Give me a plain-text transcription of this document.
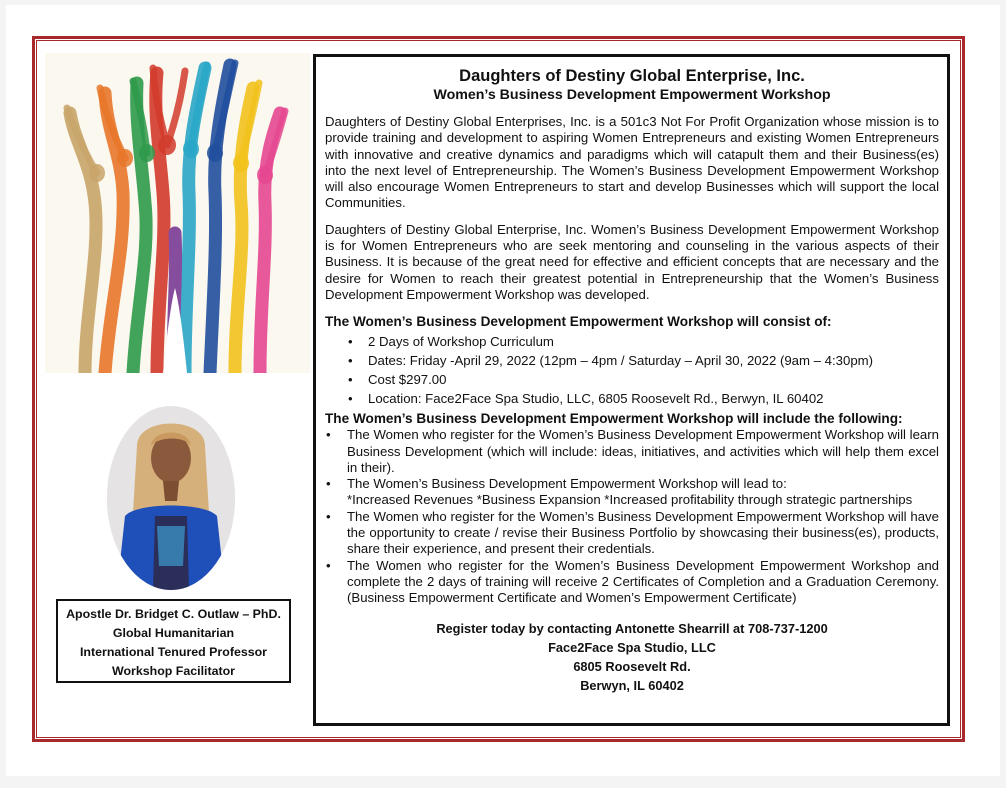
Apostle Dr. Bridget C. Outlaw – PhD.
Global Humanitarian
International Tenured Professor
Workshop Facilitator
Daughters of Destiny Global Enterprise, Inc.
Women’s Business Development Empowerment Workshop

Daughters of Destiny Global Enterprises, Inc. is a 501c3 Not For Profit Organization whose mission is to provide training and development to aspiring Women Entrepreneurs and existing Women Entrepreneurs with innovative and creative dynamics and paradigms which will catapult them and their Business(es) into the next level of Entrepreneurship. The Women’s Business Development Empowerment Workshop will also encourage Women Entrepreneurs to start and develop Businesses which will support the local Communities.

Daughters of Destiny Global Enterprise, Inc. Women’s Business Development Empowerment Workshop is for Women Entrepreneurs who are seek mentoring and counseling in the various aspects of their Business. It is because of the great need for effective and efficient concepts that are necessary and the desire for Women to reach their greatest potential in Entrepreneurship that the Women’s Business Development Empowerment Workshop was developed.

The Women’s Business Development Empowerment Workshop will consist of:

• 2 Days of Workshop Curriculum
• Dates: Friday -April 29, 2022 (12pm – 4pm / Saturday – April 30, 2022 (9am – 4:30pm)
• Cost $297.00
• Location: Face2Face Spa Studio, LLC, 6805 Roosevelt Rd., Berwyn, IL 60402

The Women’s Business Development Empowerment Workshop will include the following:

• The Women who register for the Women’s Business Development Empowerment Workshop will learn Business Development (which will include: ideas, initiatives, and activities which will help them excel in their).
• The Women’s Business Development Empowerment Workshop will lead to:
*Increased Revenues *Business Expansion *Increased profitability through strategic partnerships
• The Women who register for the Women’s Business Development Empowerment Workshop will have the opportunity to create / revise their Business Portfolio by showcasing their business(es), products, share their experience, and present their credentials.
• The Women who register for the Women’s Business Development Empowerment Workshop and complete the 2 days of training will receive 2 Certificates of Completion and a Graduation Ceremony. (Business Empowerment Certificate and Women’s Empowerment Certificate)
Register today by contacting Antonette Shearrill at 708-737-1200
Face2Face Spa Studio, LLC
6805 Roosevelt Rd.
Berwyn, IL 60402
